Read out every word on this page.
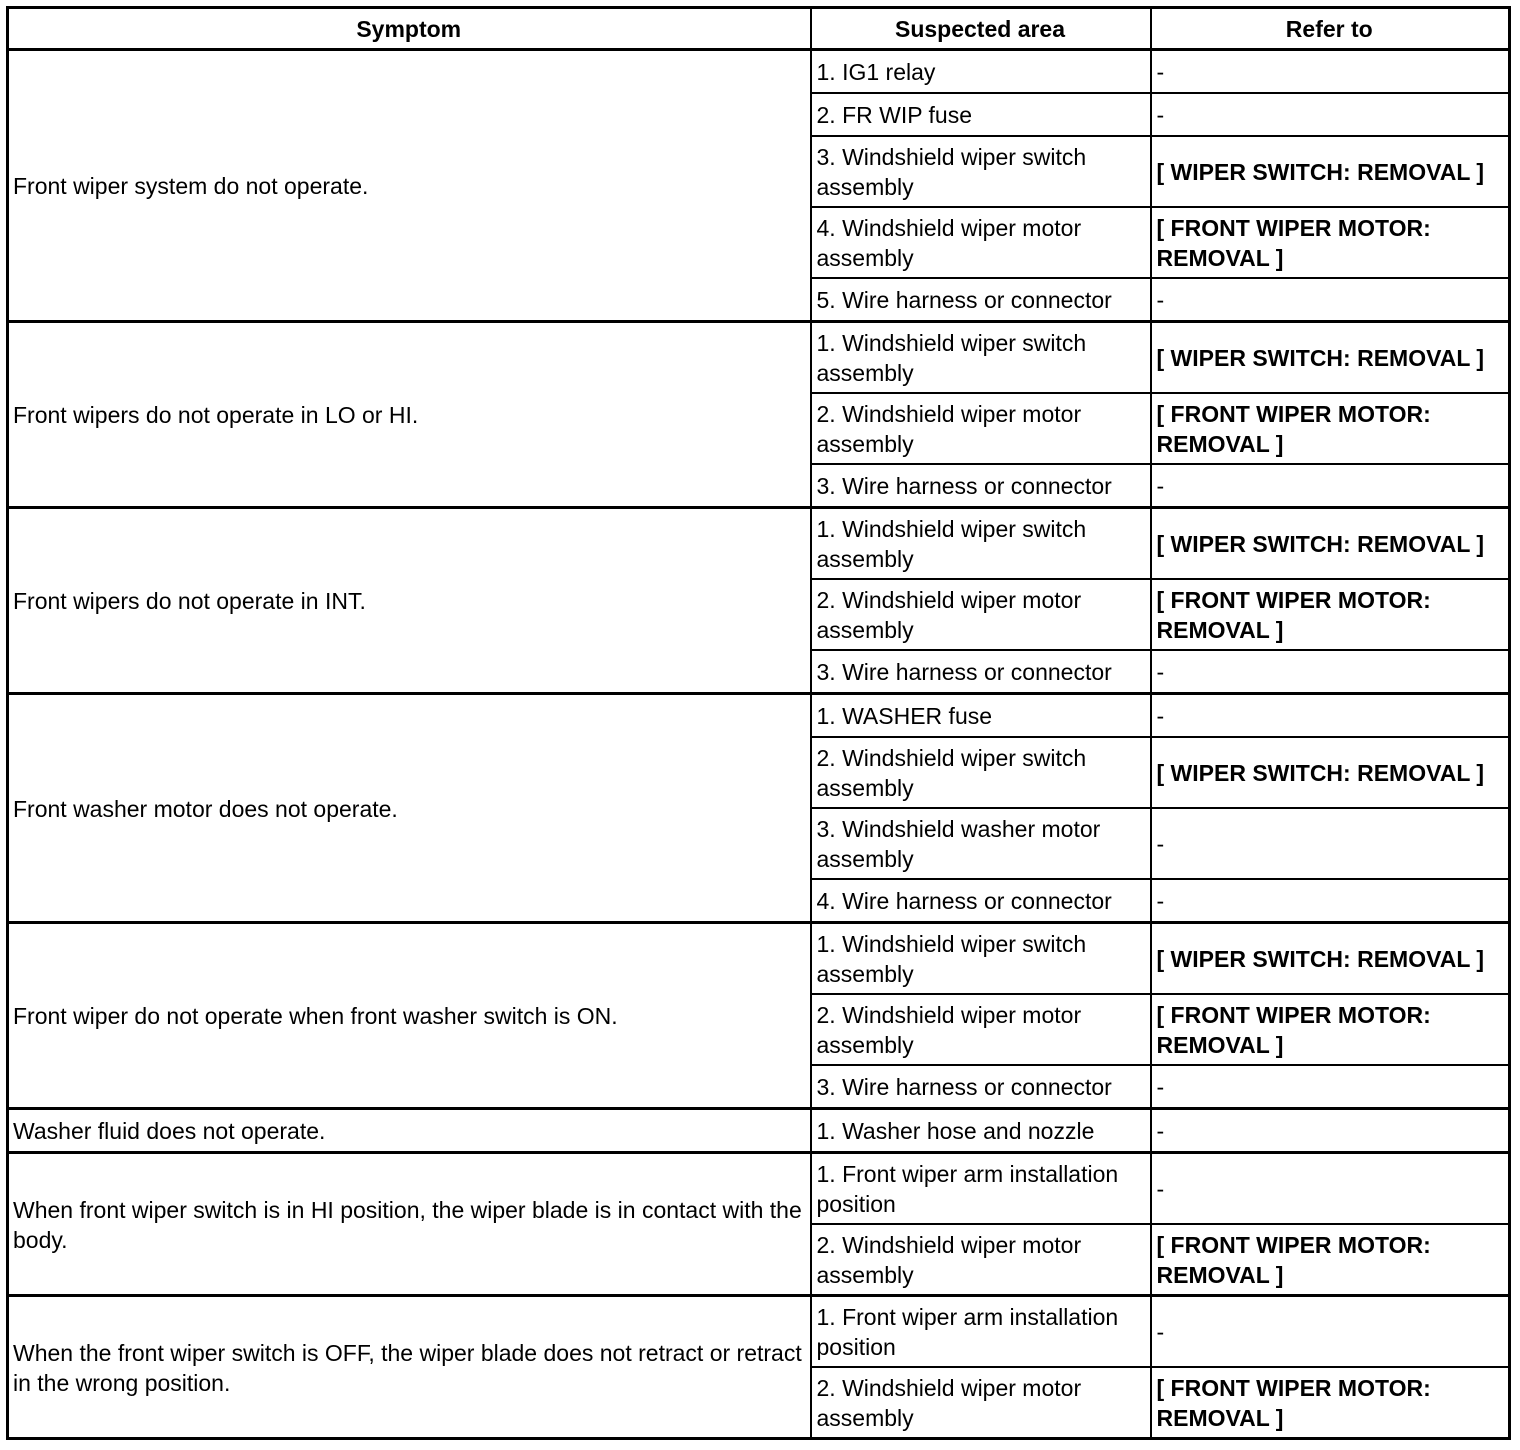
Symptom	Suspected area	Refer to
Front wiper system do not operate.	1. IG1 relay	-
	2. FR WIP fuse	-
	3. Windshield wiper switch assembly	[ WIPER SWITCH: REMOVAL ]
	4. Windshield wiper motor assembly	[ FRONT WIPER MOTOR: REMOVAL ]
	5. Wire harness or connector	-
Front wipers do not operate in LO or HI.	1. Windshield wiper switch assembly	[ WIPER SWITCH: REMOVAL ]
	2. Windshield wiper motor assembly	[ FRONT WIPER MOTOR: REMOVAL ]
	3. Wire harness or connector	-
Front wipers do not operate in INT.	1. Windshield wiper switch assembly	[ WIPER SWITCH: REMOVAL ]
	2. Windshield wiper motor assembly	[ FRONT WIPER MOTOR: REMOVAL ]
	3. Wire harness or connector	-
Front washer motor does not operate.	1. WASHER fuse	-
	2. Windshield wiper switch assembly	[ WIPER SWITCH: REMOVAL ]
	3. Windshield washer motor assembly	-
	4. Wire harness or connector	-
Front wiper do not operate when front washer switch is ON.	1. Windshield wiper switch assembly	[ WIPER SWITCH: REMOVAL ]
	2. Windshield wiper motor assembly	[ FRONT WIPER MOTOR: REMOVAL ]
	3. Wire harness or connector	-
Washer fluid does not operate.	1. Washer hose and nozzle	-
When front wiper switch is in HI position, the wiper blade is in contact with the body.	1. Front wiper arm installation position	-
	2. Windshield wiper motor assembly	[ FRONT WIPER MOTOR: REMOVAL ]
When the front wiper switch is OFF, the wiper blade does not retract or retract in the wrong position.	1. Front wiper arm installation position	-
	2. Windshield wiper motor assembly	[ FRONT WIPER MOTOR: REMOVAL ]
